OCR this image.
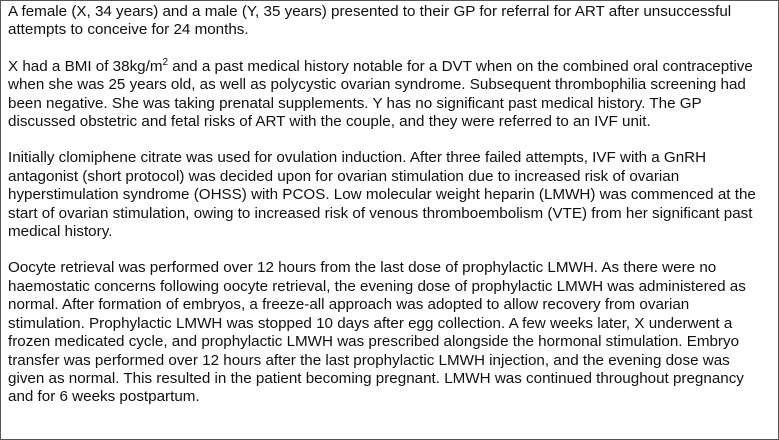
A female (X, 34 years) and a male (Y, 35 years) presented to their GP for referral for ART after unsuccessful attempts to conceive for 24 months.

X had a BMI of $38kg/m^2$ and a past medical history notable for a DVT when on the combined oral contraceptive when she was 25 years old, as well as polycystic ovarian syndrome. Subsequent thrombophilia screening had been negative. She was taking prenatal supplements. Y has no significant past medical history. The GP discussed obstetric and fetal risks of ART with the couple, and they were referred to an IVF unit.

Initially clomiphene citrate was used for ovulation induction. After three failed attempts, IVF with a GnRH antagonist (short protocol) was decided upon for ovarian stimulation due to increased risk of ovarian hyperstimulation syndrome (OHSS) with PCOS. Low molecular weight heparin (LMWH) was commenced at the start of ovarian stimulation, owing to increased risk of venous thromboembolism (VTE) from her significant past medical history.

Oocyte retrieval was performed over 12 hours from the last dose of prophylactic LMWH. As there were no haemostatic concerns following oocyte retrieval, the evening dose of prophylactic LMWH was administered as normal. After formation of embryos, a freeze-all approach was adopted to allow recovery from ovarian stimulation. Prophylactic LMWH was stopped 10 days after egg collection. A few weeks later, X underwent a frozen medicated cycle, and prophylactic LMWH was prescribed alongside the hormonal stimulation. Embryo transfer was performed over 12 hours after the last prophylactic LMWH injection, and the evening dose was given as normal. This resulted in the patient becoming pregnant. LMWH was continued throughout pregnancy and for 6 weeks postpartum.
